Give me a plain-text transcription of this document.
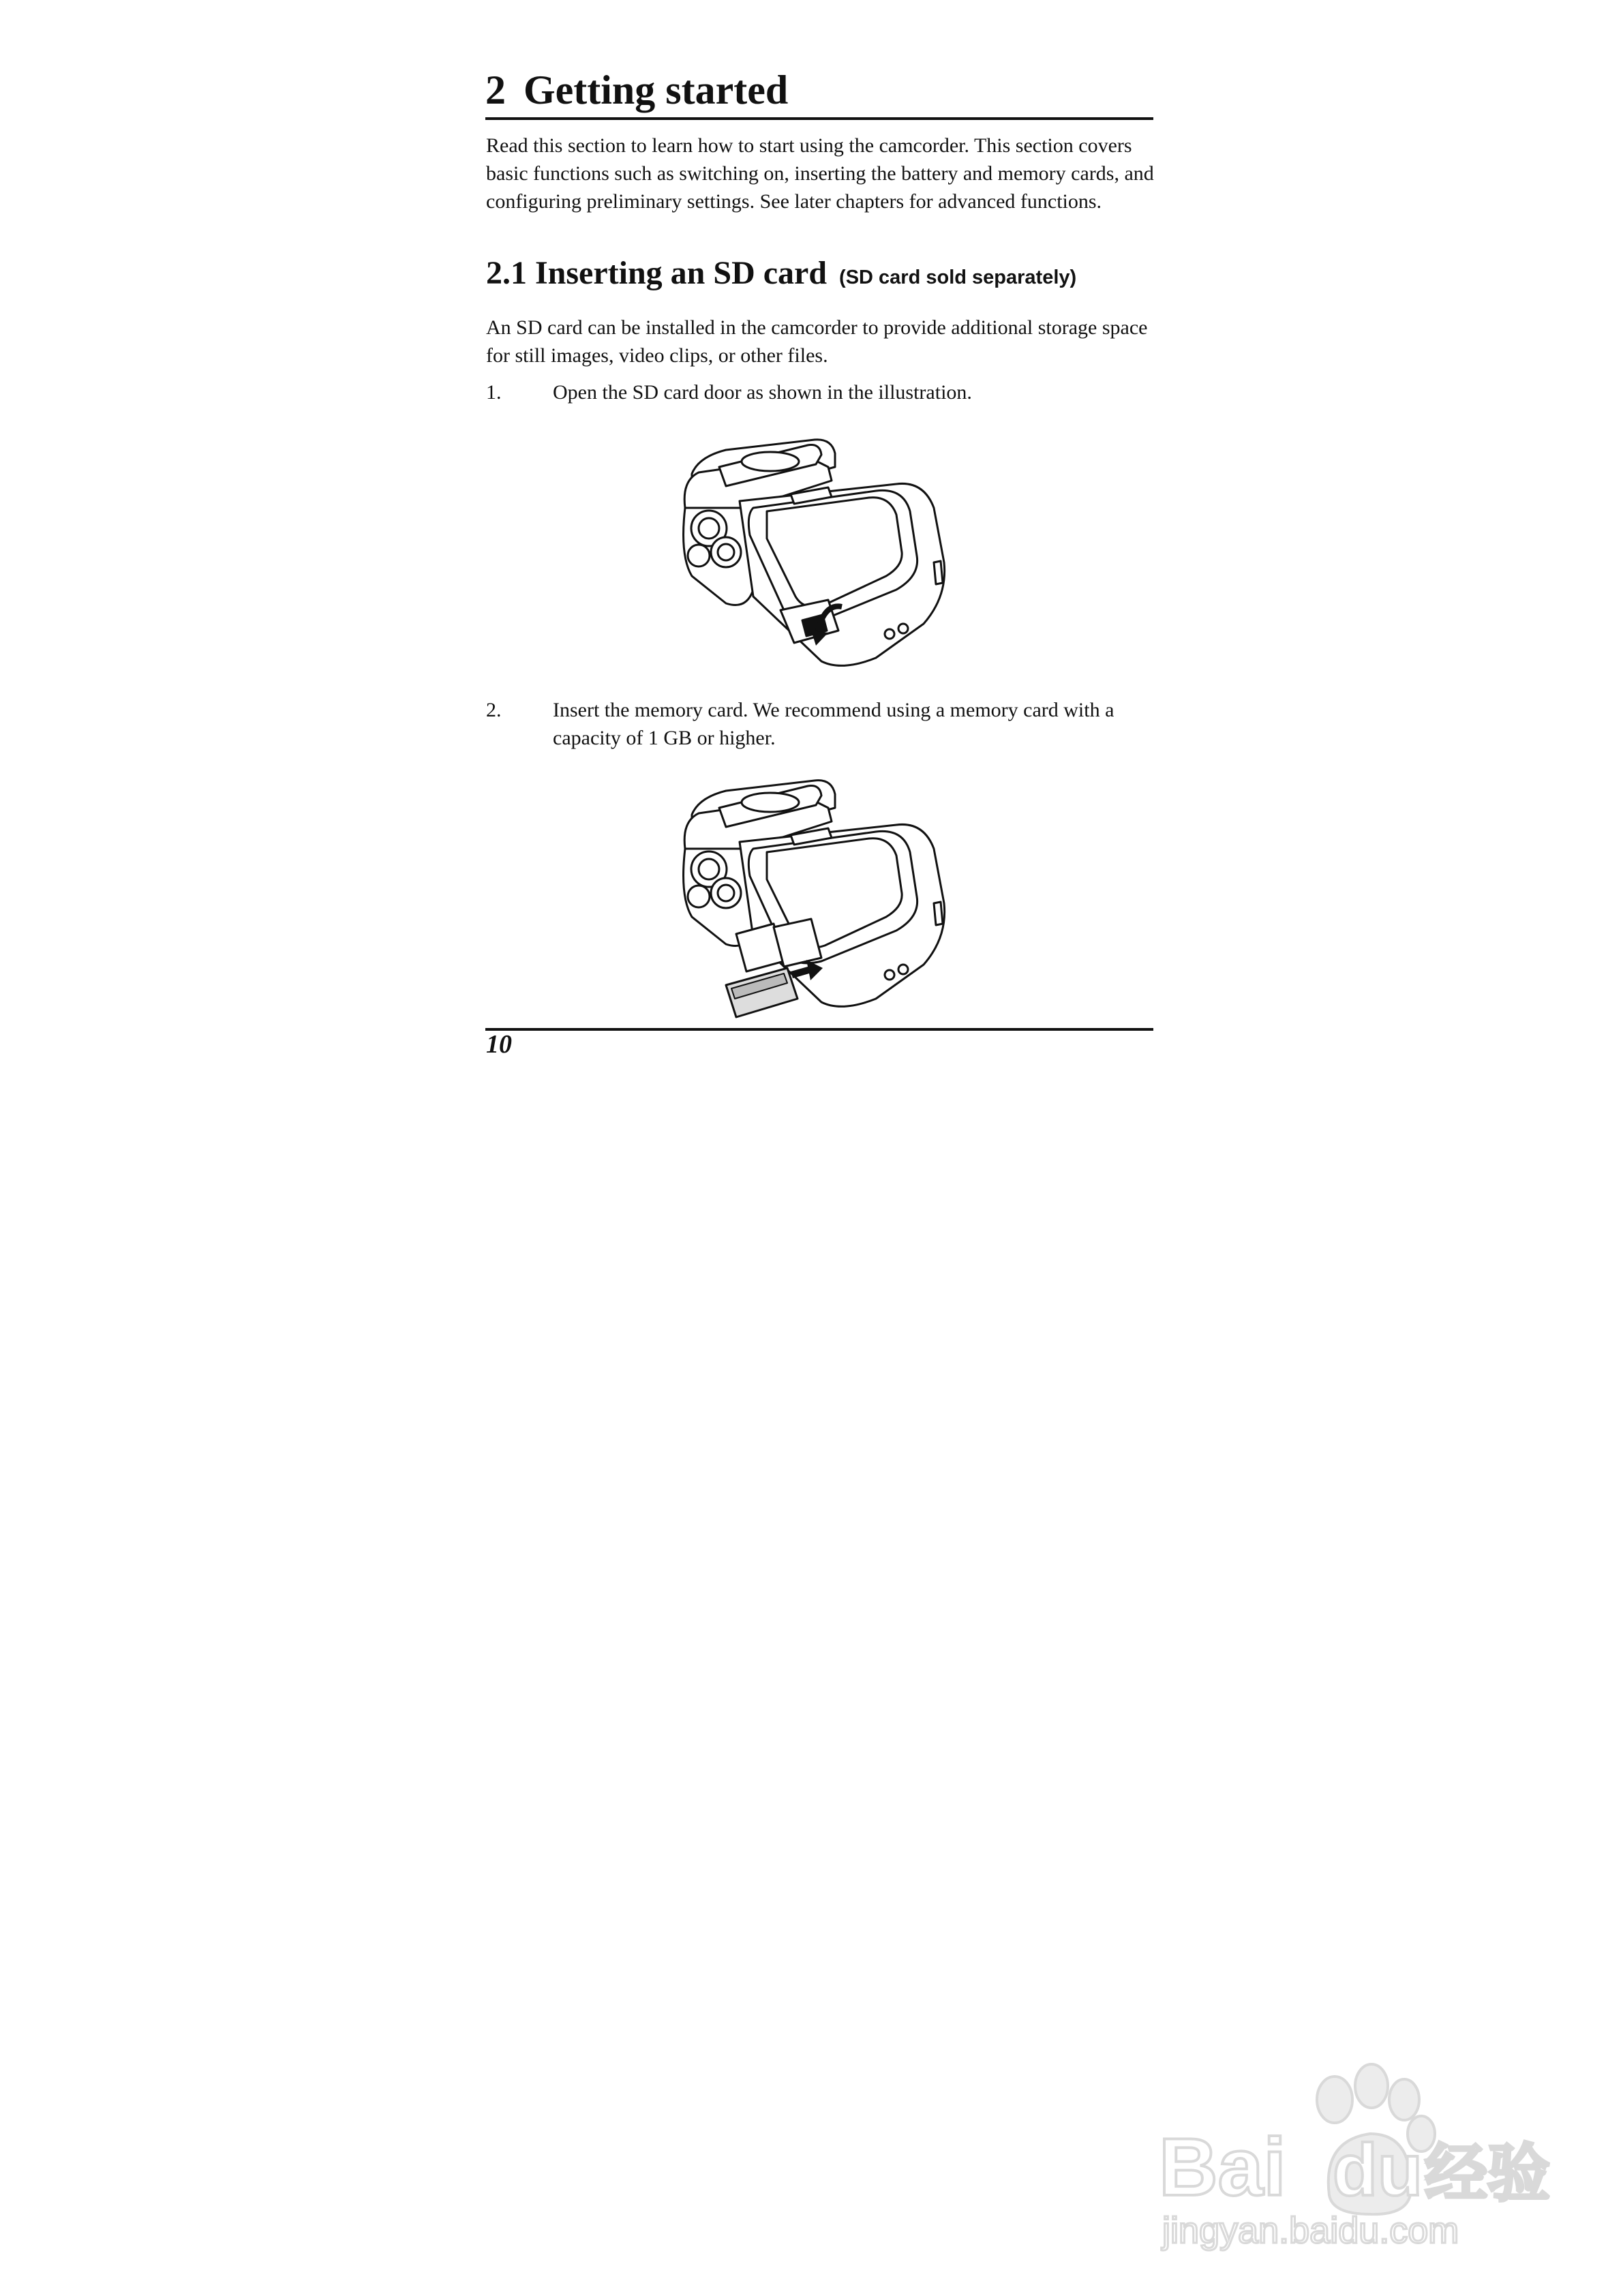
2 Getting started
Read this section to learn how to start using the camcorder. This section covers basic functions such as switching on, inserting the battery and memory cards, and configuring preliminary settings. See later chapters for advanced functions.
2.1 Inserting an SD card (SD card sold separately)
An SD card can be installed in the camcorder to provide additional storage space for still images, video clips, or other files.
1.	Open the SD card door as shown in the illustration.
2.	Insert the memory card. We recommend using a memory card with a capacity of 1 GB or higher.
10
Bai du 经验
jingyan.baidu.com
